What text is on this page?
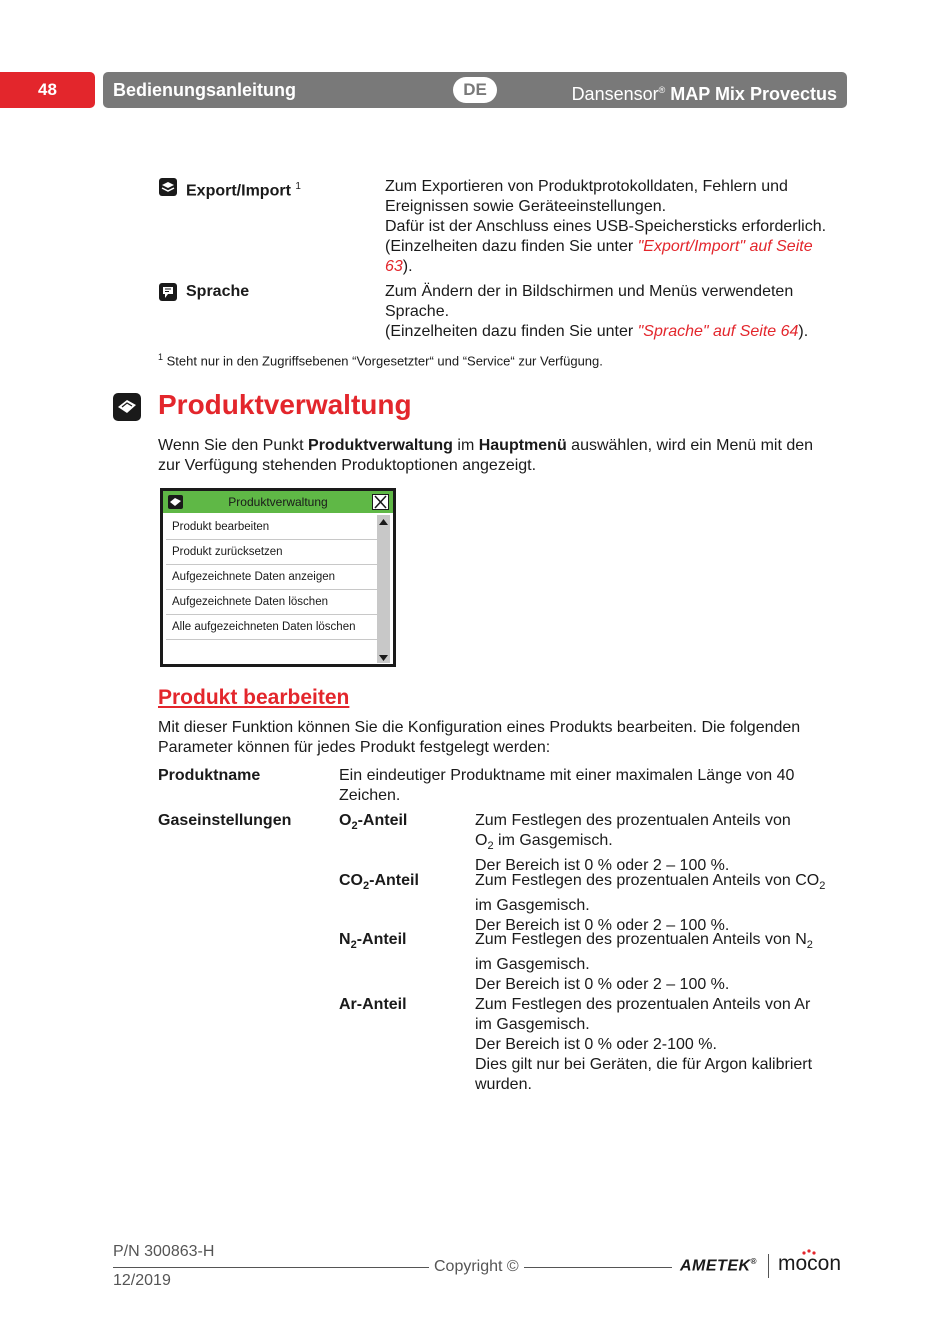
48	Bedienungsanleitung	DE	Dansensor® MAP Mix Provectus
Export/Import $^1$	Zum Exportieren von Produktprotokolldaten, Fehlern und
Ereignissen sowie Geräteeinstellungen.
Dafür ist der Anschluss eines USB-Speichersticks erforderlich.
(Einzelheiten dazu finden Sie unter "Export/Import" auf Seite
63).
Sprache	Zum Ändern der in Bildschirmen und Menüs verwendeten
Sprache.
(Einzelheiten dazu finden Sie unter "Sprache" auf Seite 64).
$^1$ Steht nur in den Zugriffsebenen “Vorgesetzter“ und “Service“ zur Verfügung.
Produktverwaltung
Wenn Sie den Punkt Produktverwaltung im Hauptmenü auswählen, wird ein Menü mit den
zur Verfügung stehenden Produktoptionen angezeigt.
Produktverwaltung
Produkt bearbeiten
Produkt zurücksetzen
Aufgezeichnete Daten anzeigen
Aufgezeichnete Daten löschen
Alle aufgezeichneten Daten löschen
Produkt bearbeiten
Mit dieser Funktion können Sie die Konfiguration eines Produkts bearbeiten. Die folgenden
Parameter können für jedes Produkt festgelegt werden:
Produktname	Ein eindeutiger Produktname mit einer maximalen Länge von 40
Zeichen.
Gaseinstellungen	$O_2$-Anteil	Zum Festlegen des prozentualen Anteils von
$O_2$ im Gasgemisch.
Der Bereich ist 0 % oder 2 – 100 %.
$CO_2$-Anteil	Zum Festlegen des prozentualen Anteils von $CO_2$
im Gasgemisch.
Der Bereich ist 0 % oder 2 – 100 %.
$N_2$-Anteil	Zum Festlegen des prozentualen Anteils von $N_2$
im Gasgemisch.
Der Bereich ist 0 % oder 2 – 100 %.
Ar-Anteil	Zum Festlegen des prozentualen Anteils von Ar
im Gasgemisch.
Der Bereich ist 0 % oder 2-100 %.
Dies gilt nur bei Geräten, die für Argon kalibriert
wurden.
P/N 300863-H
12/2019
Copyright ©	AMETEK® mocon
